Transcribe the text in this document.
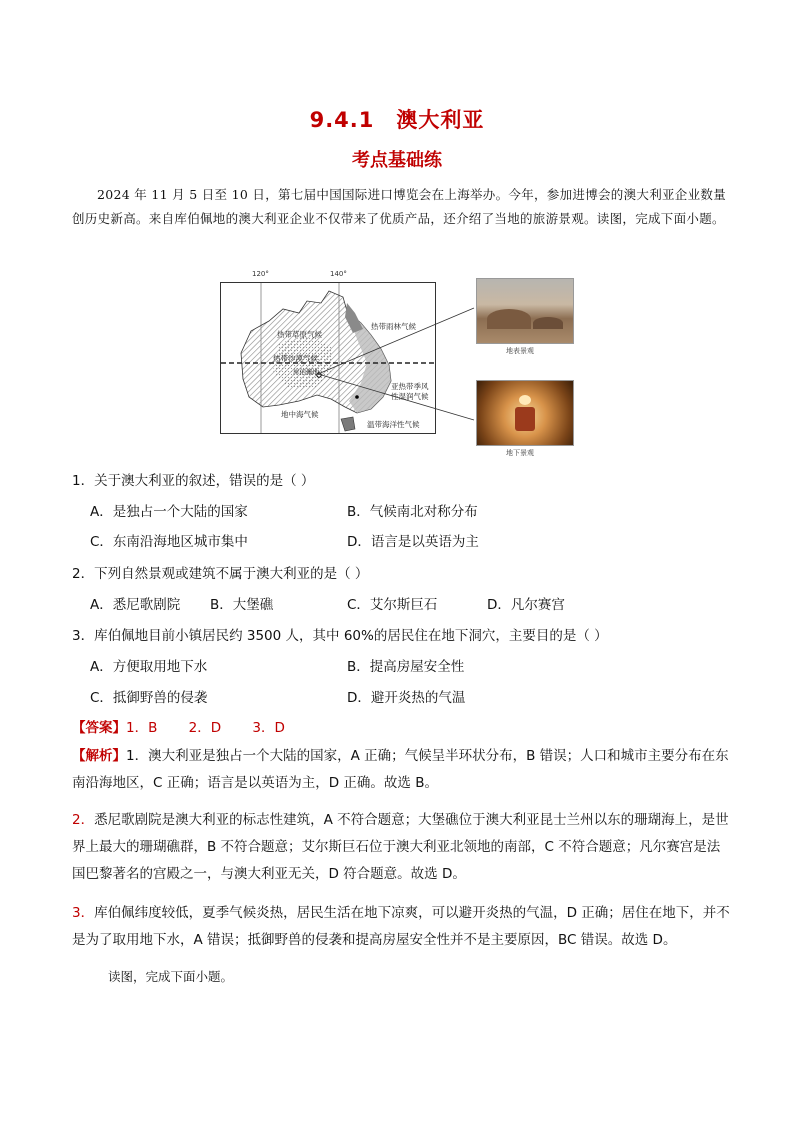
9.4.1　澳大利亚
考点基础练
2024 年 11 月 5 日至 10 日，第七届中国国际进口博览会在上海举办。今年，参加进博会的澳大利亚企业数量创历史新高。来自库伯佩地的澳大利亚企业不仅带来了优质产品，还介绍了当地的旅游景观。读图，完成下面小题。
120°	140°
热带草原气候
热带雨林气候
热带沙漠气候
库伯佩地
亚热带季风
性湿润气候
地中海气候
温带海洋性气候
地表景观
地下景观
1．关于澳大利亚的叙述，错误的是（ ）
A．是独占一个大陆的国家	B．气候南北对称分布
C．东南沿海地区城市集中	D．语言是以英语为主
2．下列自然景观或建筑不属于澳大利亚的是（ ）
A．悉尼歌剧院 B．大堡礁	C．艾尔斯巨石	D．凡尔赛宫
3．库伯佩地目前小镇居民约 3500 人，其中 60%的居民住在地下洞穴，主要目的是（ ）
A．方便取用地下水	B．提高房屋安全性
C．抵御野兽的侵袭	D．避开炎热的气温
【答案】1．B　　 2．D　　 3．D
【解析】1．澳大利亚是独占一个大陆的国家，A 正确；气候呈半环状分布，B 错误；人口和城市主要分布在东南沿海地区，C 正确；语言是以英语为主，D 正确。故选 B。
2．悉尼歌剧院是澳大利亚的标志性建筑，A 不符合题意；大堡礁位于澳大利亚昆士兰州以东的珊瑚海上，是世界上最大的珊瑚礁群，B 不符合题意；艾尔斯巨石位于澳大利亚北领地的南部，C 不符合题意；凡尔赛宫是法国巴黎著名的宫殿之一，与澳大利亚无关，D 符合题意。故选 D。
3．库伯佩纬度较低，夏季气候炎热，居民生活在地下凉爽，可以避开炎热的气温，D 正确；居住在地下，并不是为了取用地下水，A 错误；抵御野兽的侵袭和提高房屋安全性并不是主要原因，BC 错误。故选 D。
读图，完成下面小题。
